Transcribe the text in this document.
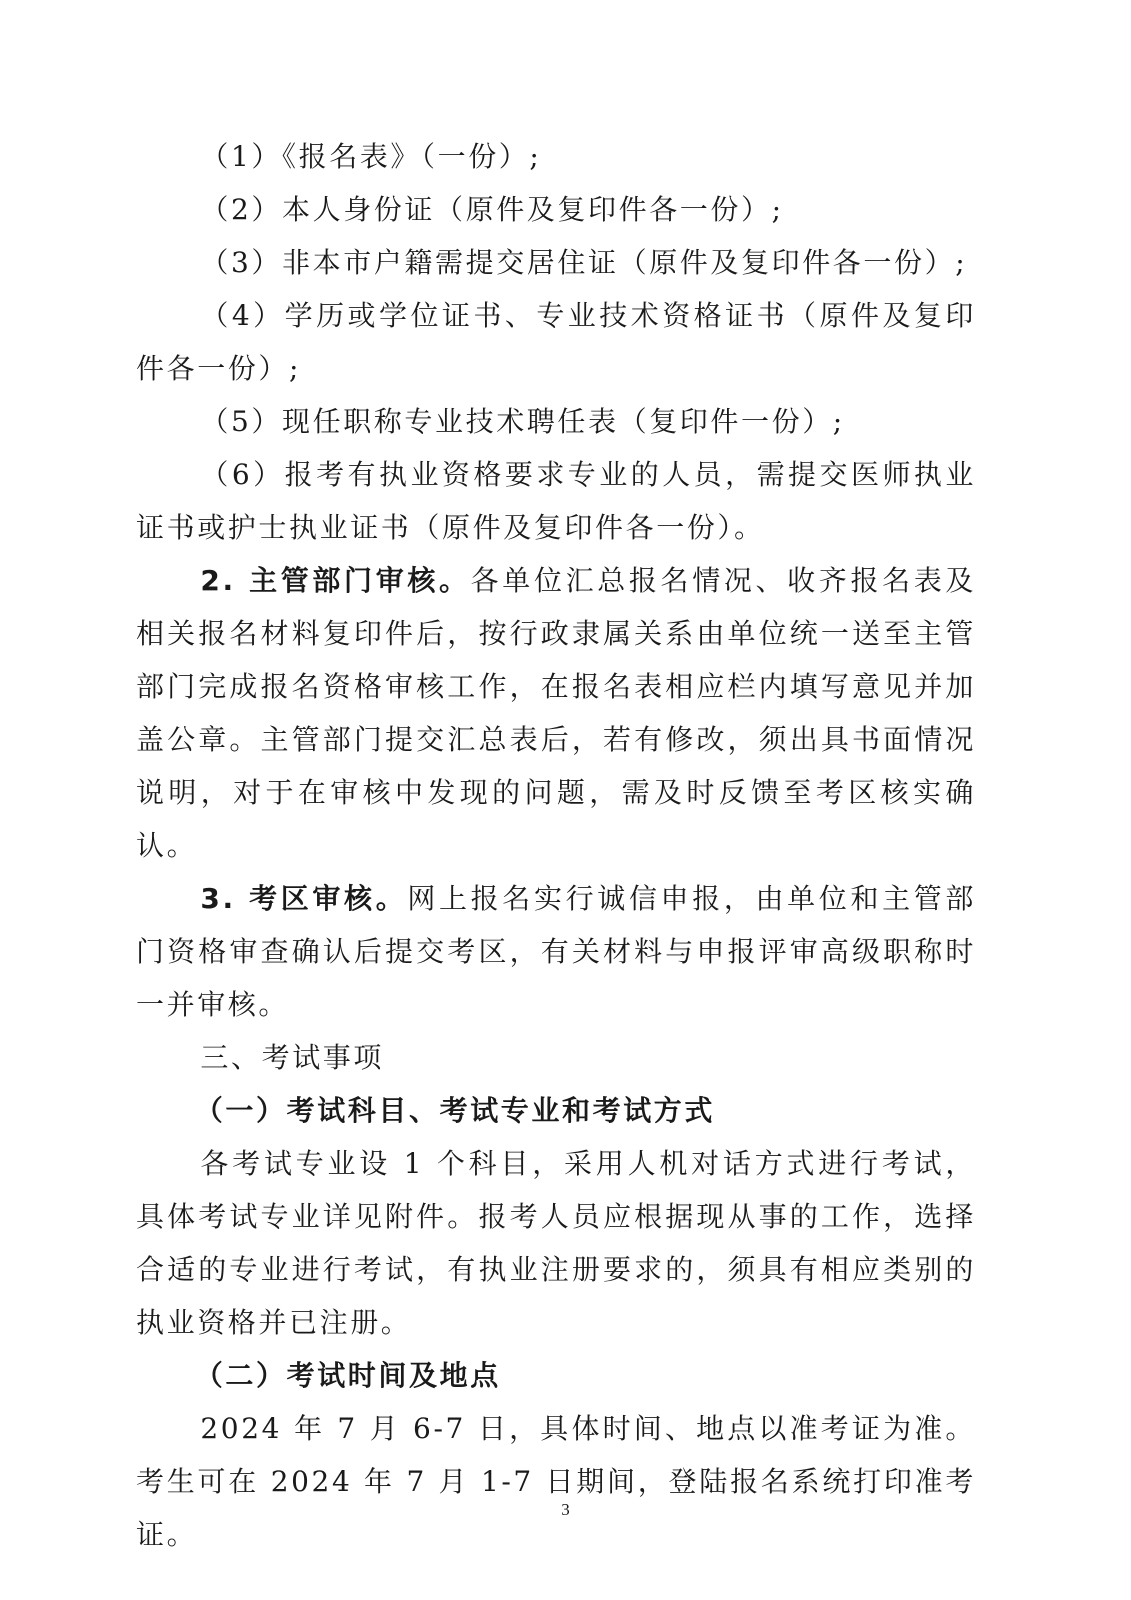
（1）《报名表》（一份）;

（2）本人身份证（原件及复印件各一份）;

（3）非本市户籍需提交居住证（原件及复印件各一份）;

（4）学历或学位证书、专业技术资格证书（原件及复印件各一份）;

（5）现任职称专业技术聘任表（复印件一份）;

（6）报考有执业资格要求专业的人员，需提交医师执业证书或护士执业证书（原件及复印件各一份）。

2. 主管部门审核。各单位汇总报名情况、收齐报名表及相关报名材料复印件后，按行政隶属关系由单位统一送至主管部门完成报名资格审核工作，在报名表相应栏内填写意见并加盖公章。主管部门提交汇总表后，若有修改，须出具书面情况说明，对于在审核中发现的问题，需及时反馈至考区核实确认。

3. 考区审核。网上报名实行诚信申报，由单位和主管部门资格审查确认后提交考区，有关材料与申报评审高级职称时一并审核。

三、考试事项

（一）考试科目、考试专业和考试方式

各考试专业设 1 个科目，采用人机对话方式进行考试，具体考试专业详见附件。报考人员应根据现从事的工作，选择合适的专业进行考试，有执业注册要求的，须具有相应类别的执业资格并已注册。

（二）考试时间及地点

2024 年 7 月 6-7 日，具体时间、地点以准考证为准。考生可在 2024 年 7 月 1-7 日期间，登陆报名系统打印准考证。

3
